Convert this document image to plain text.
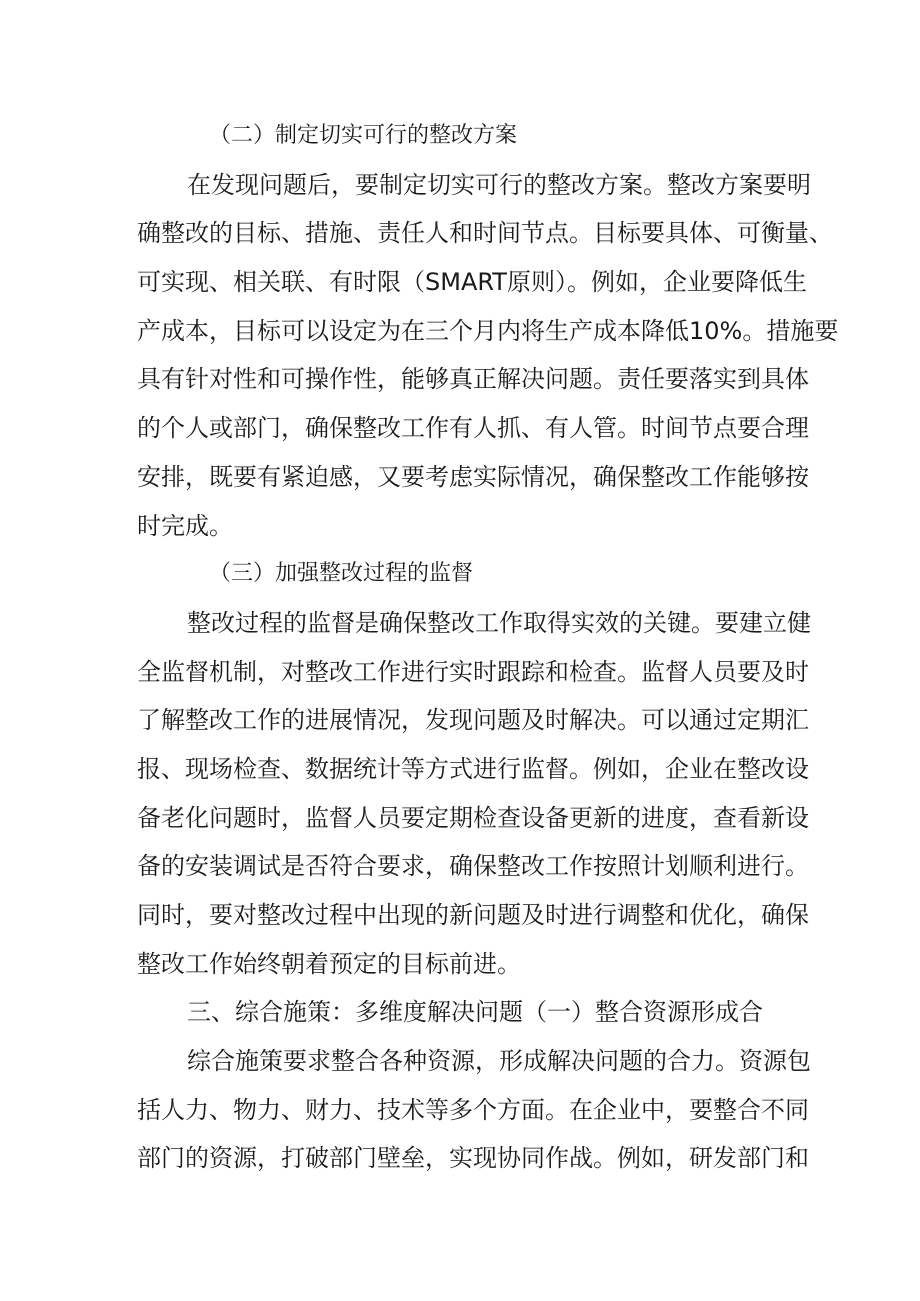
（二）制定切实可行的整改方案
在发现问题后，要制定切实可行的整改方案。整改方案要明
确整改的目标、措施、责任人和时间节点。目标要具体、可衡量、
可实现、相关联、有时限（SMART原则）。例如，企业要降低生
产成本，目标可以设定为在三个月内将生产成本降低10%。措施要
具有针对性和可操作性，能够真正解决问题。责任要落实到具体
的个人或部门，确保整改工作有人抓、有人管。时间节点要合理
安排，既要有紧迫感，又要考虑实际情况，确保整改工作能够按
时完成。
（三）加强整改过程的监督
整改过程的监督是确保整改工作取得实效的关键。要建立健
全监督机制，对整改工作进行实时跟踪和检查。监督人员要及时
了解整改工作的进展情况，发现问题及时解决。可以通过定期汇
报、现场检查、数据统计等方式进行监督。例如，企业在整改设
备老化问题时，监督人员要定期检查设备更新的进度，查看新设
备的安装调试是否符合要求，确保整改工作按照计划顺利进行。
同时，要对整改过程中出现的新问题及时进行调整和优化，确保
整改工作始终朝着预定的目标前进。
三、综合施策：多维度解决问题（一）整合资源形成合
综合施策要求整合各种资源，形成解决问题的合力。资源包
括人力、物力、财力、技术等多个方面。在企业中，要整合不同
部门的资源，打破部门壁垒，实现协同作战。例如，研发部门和
